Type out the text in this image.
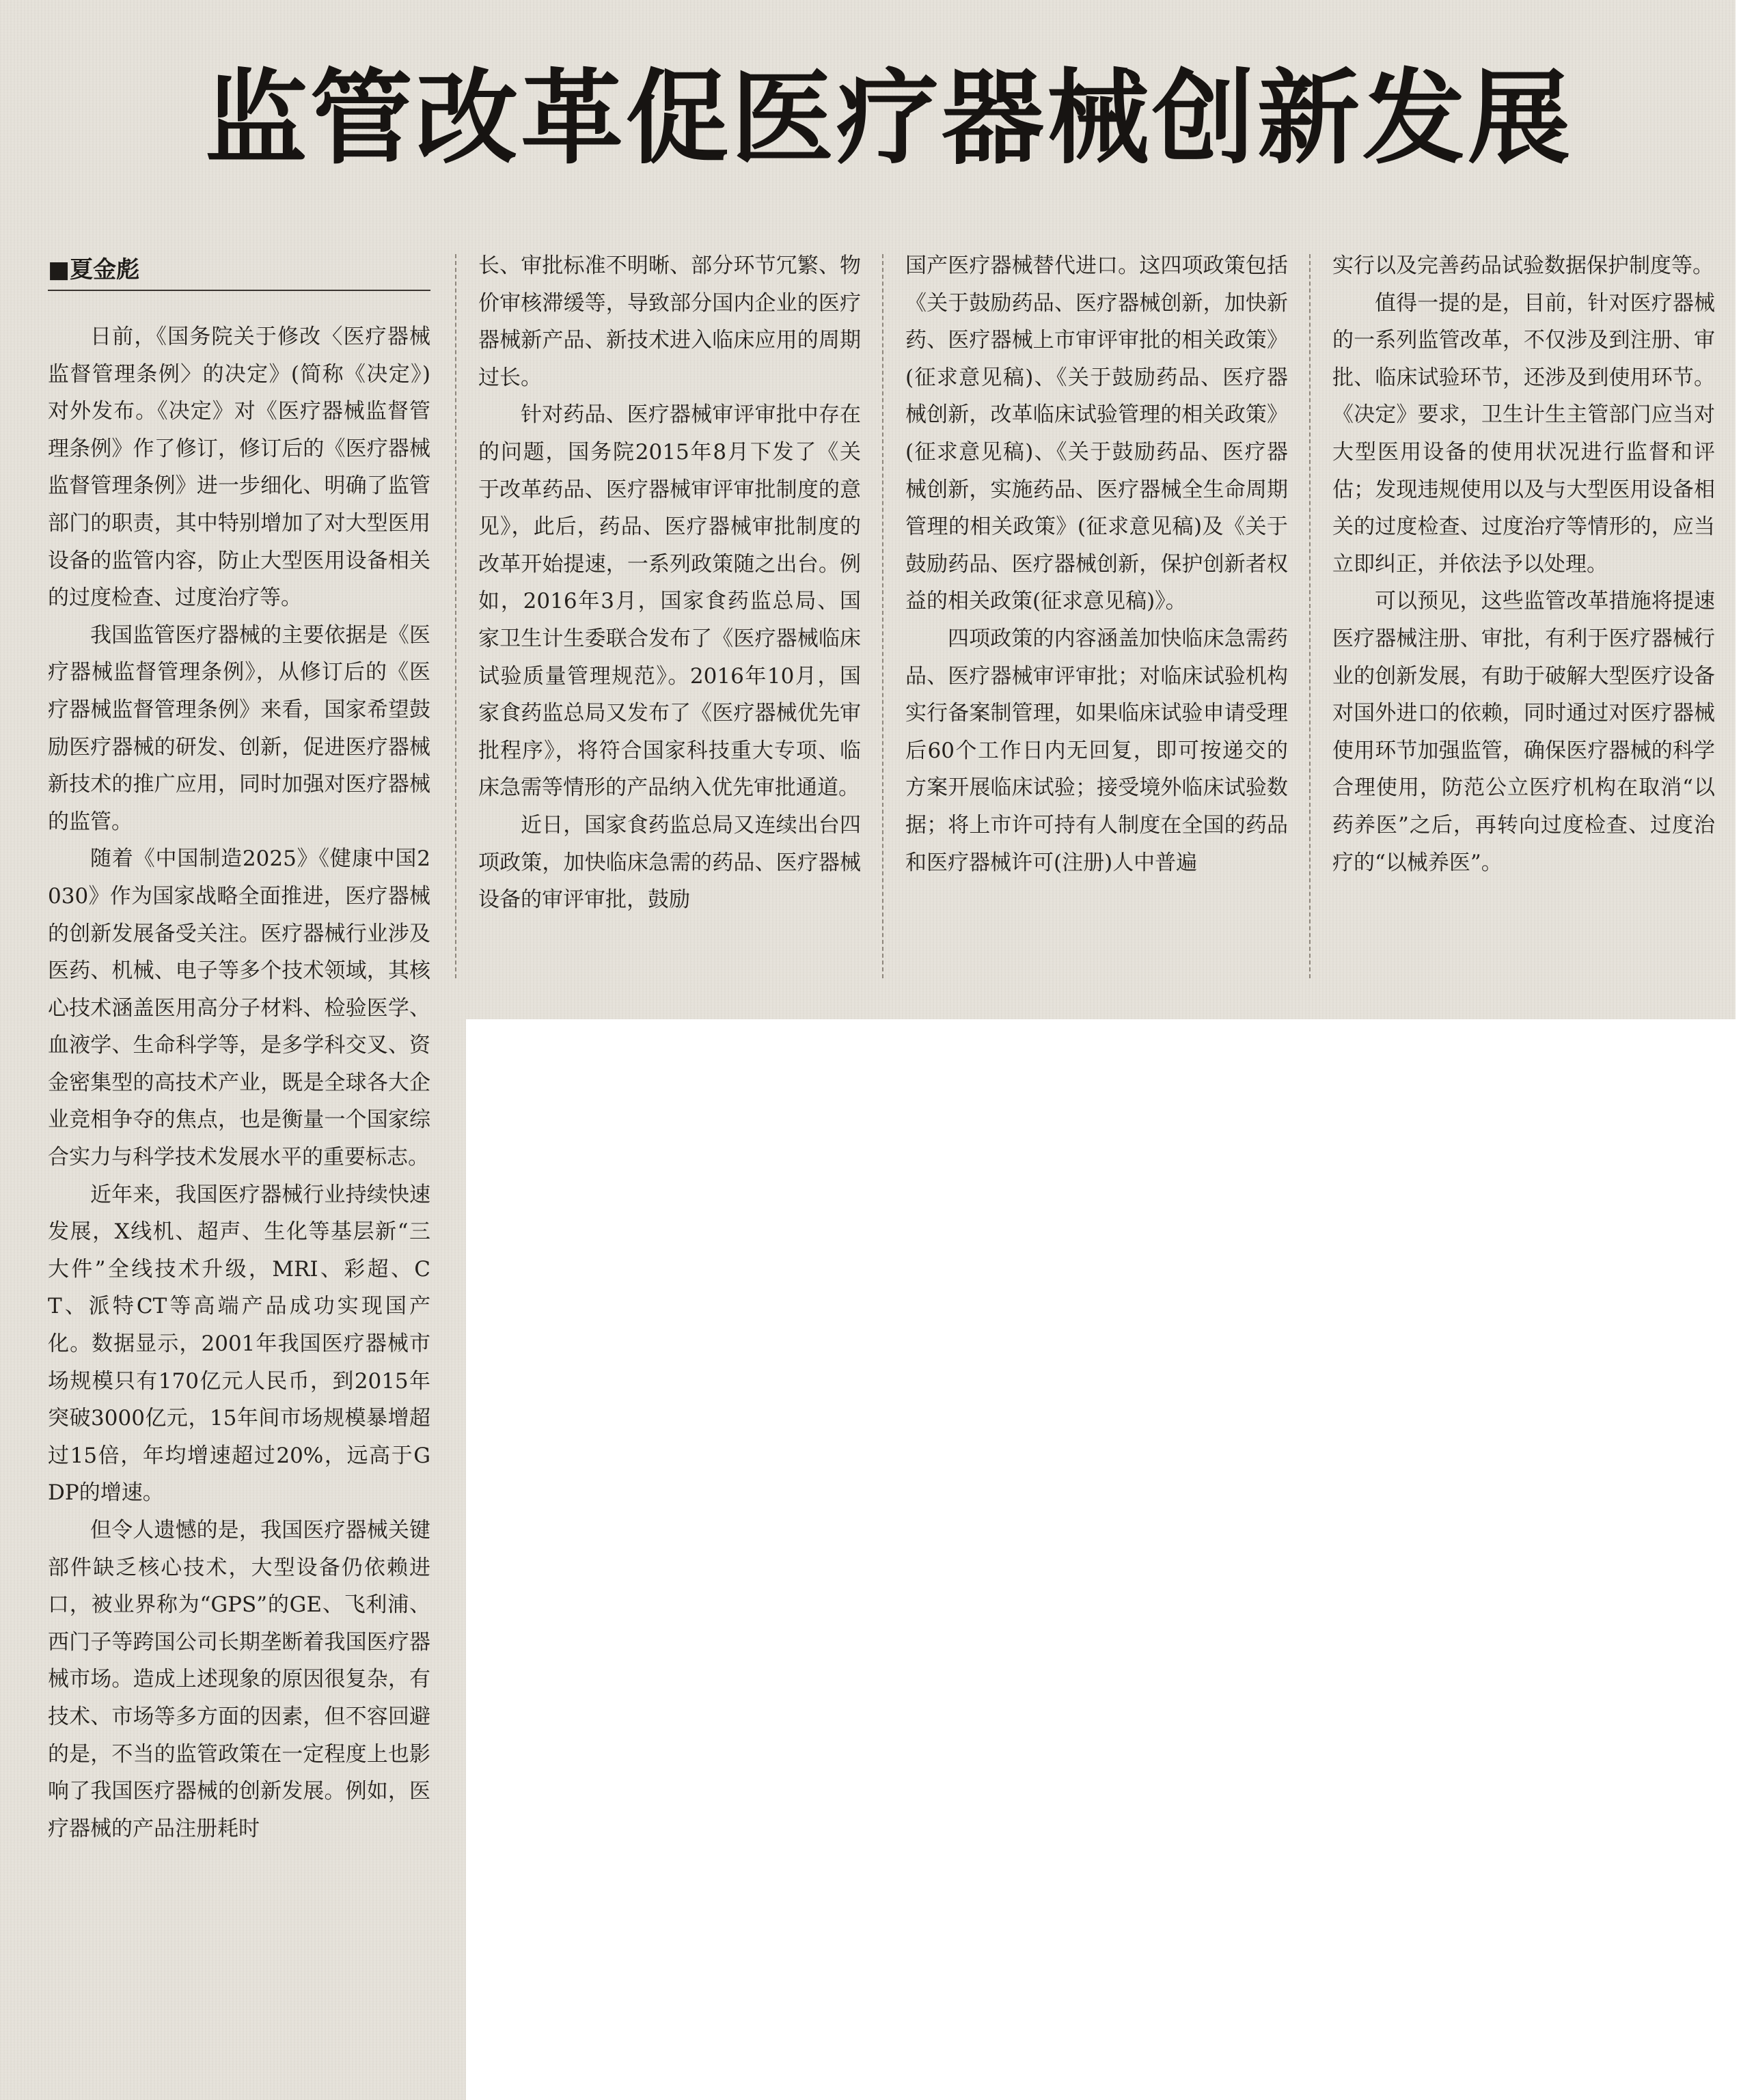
监管改革促医疗器械创新发展
■夏金彪

日前，《国务院关于修改〈医疗器械监督管理条例〉的决定》(简称《决定》)对外发布。《决定》对《医疗器械监督管理条例》作了修订，修订后的《医疗器械监督管理条例》进一步细化、明确了监管部门的职责，其中特别增加了对大型医用设备的监管内容，防止大型医用设备相关的过度检查、过度治疗等。

我国监管医疗器械的主要依据是《医疗器械监督管理条例》，从修订后的《医疗器械监督管理条例》来看，国家希望鼓励医疗器械的研发、创新，促进医疗器械新技术的推广应用，同时加强对医疗器械的监管。

随着《中国制造2025》《健康中国2030》作为国家战略全面推进，医疗器械的创新发展备受关注。医疗器械行业涉及医药、机械、电子等多个技术领域，其核心技术涵盖医用高分子材料、检验医学、血液学、生命科学等，是多学科交叉、资金密集型的高技术产业，既是全球各大企业竞相争夺的焦点，也是衡量一个国家综合实力与科学技术发展水平的重要标志。

近年来，我国医疗器械行业持续快速发展，X线机、超声、生化等基层新“三大件”全线技术升级，MRI、彩超、CT、派特CT等高端产品成功实现国产化。数据显示，2001年我国医疗器械市场规模只有170亿元人民币，到2015年突破3000亿元，15年间市场规模暴增超过15倍，年均增速超过20%，远高于GDP的增速。

但令人遗憾的是，我国医疗器械关键部件缺乏核心技术，大型设备仍依赖进口，被业界称为“GPS”的GE、飞利浦、西门子等跨国公司长期垄断着我国医疗器械市场。造成上述现象的原因很复杂，有技术、市场等多方面的因素，但不容回避的是，不当的监管政策在一定程度上也影响了我国医疗器械的创新发展。例如，医疗器械的产品注册耗时

长、审批标准不明晰、部分环节冗繁、物价审核滞缓等，导致部分国内企业的医疗器械新产品、新技术进入临床应用的周期过长。

针对药品、医疗器械审评审批中存在的问题，国务院2015年8月下发了《关于改革药品、医疗器械审评审批制度的意见》，此后，药品、医疗器械审批制度的改革开始提速，一系列政策随之出台。例如，2016年3月，国家食药监总局、国家卫生计生委联合发布了《医疗器械临床试验质量管理规范》。2016年10月，国家食药监总局又发布了《医疗器械优先审批程序》，将符合国家科技重大专项、临床急需等情形的产品纳入优先审批通道。

近日，国家食药监总局又连续出台四项政策，加快临床急需的药品、医疗器械设备的审评审批，鼓励

国产医疗器械替代进口。这四项政策包括《关于鼓励药品、医疗器械创新，加快新药、医疗器械上市审评审批的相关政策》(征求意见稿)、《关于鼓励药品、医疗器械创新，改革临床试验管理的相关政策》(征求意见稿)、《关于鼓励药品、医疗器械创新，实施药品、医疗器械全生命周期管理的相关政策》(征求意见稿)及《关于鼓励药品、医疗器械创新，保护创新者权益的相关政策(征求意见稿)》。

四项政策的内容涵盖加快临床急需药品、医疗器械审评审批；对临床试验机构实行备案制管理，如果临床试验申请受理后60个工作日内无回复，即可按递交的方案开展临床试验；接受境外临床试验数据；将上市许可持有人制度在全国的药品和医疗器械许可(注册)人中普遍

实行以及完善药品试验数据保护制度等。

值得一提的是，目前，针对医疗器械的一系列监管改革，不仅涉及到注册、审批、临床试验环节，还涉及到使用环节。《决定》要求，卫生计生主管部门应当对大型医用设备的使用状况进行监督和评估；发现违规使用以及与大型医用设备相关的过度检查、过度治疗等情形的，应当立即纠正，并依法予以处理。

可以预见，这些监管改革措施将提速医疗器械注册、审批，有利于医疗器械行业的创新发展，有助于破解大型医疗设备对国外进口的依赖，同时通过对医疗器械使用环节加强监管，确保医疗器械的科学合理使用，防范公立医疗机构在取消“以药养医”之后，再转向过度检查、过度治疗的“以械养医”。
